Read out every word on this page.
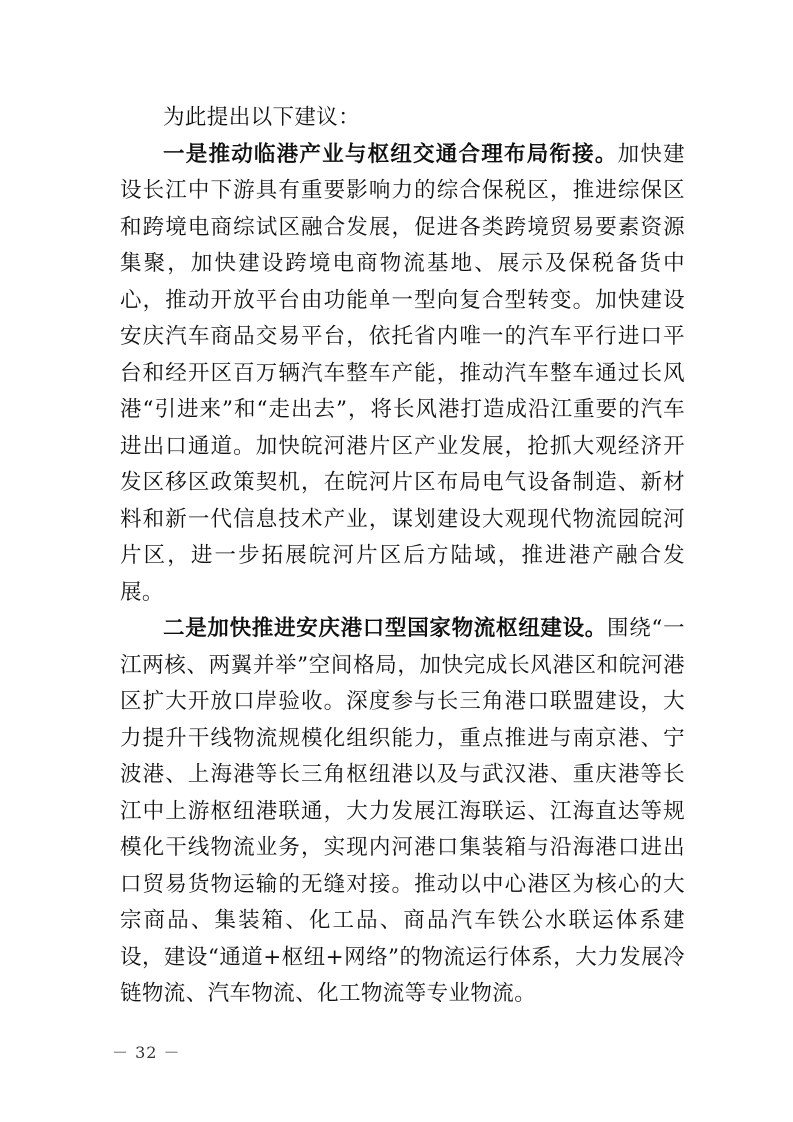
为此提出以下建议：

一是推动临港产业与枢纽交通合理布局衔接。加快建设长江中下游具有重要影响力的综合保税区，推进综保区和跨境电商综试区融合发展，促进各类跨境贸易要素资源集聚，加快建设跨境电商物流基地、展示及保税备货中心，推动开放平台由功能单一型向复合型转变。加快建设安庆汽车商品交易平台，依托省内唯一的汽车平行进口平台和经开区百万辆汽车整车产能，推动汽车整车通过长风港“引进来”和“走出去”，将长风港打造成沿江重要的汽车进出口通道。加快皖河港片区产业发展，抢抓大观经济开发区移区政策契机，在皖河片区布局电气设备制造、新材料和新一代信息技术产业，谋划建设大观现代物流园皖河片区，进一步拓展皖河片区后方陆域，推进港产融合发展。

二是加快推进安庆港口型国家物流枢纽建设。围绕“一江两核、两翼并举”空间格局，加快完成长风港区和皖河港区扩大开放口岸验收。深度参与长三角港口联盟建设，大力提升干线物流规模化组织能力，重点推进与南京港、宁波港、上海港等长三角枢纽港以及与武汉港、重庆港等长江中上游枢纽港联通，大力发展江海联运、江海直达等规模化干线物流业务，实现内河港口集装箱与沿海港口进出口贸易货物运输的无缝对接。推动以中心港区为核心的大宗商品、集装箱、化工品、商品汽车铁公水联运体系建设，建设“通道+枢纽+网络”的物流运行体系，大力发展冷链物流、汽车物流、化工物流等专业物流。

－ 32 －
